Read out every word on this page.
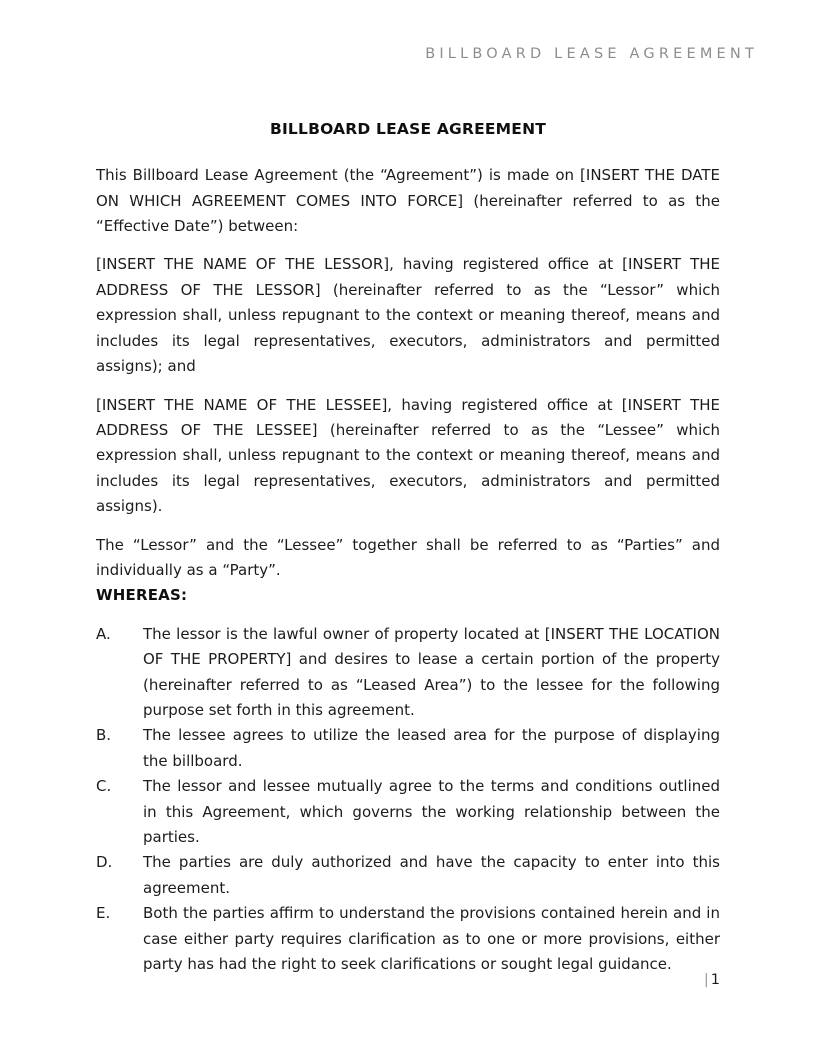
BILLBOARD LEASE AGREEMENT
BILLBOARD LEASE AGREEMENT

This Billboard Lease Agreement (the “Agreement”) is made on [INSERT THE DATE ON WHICH AGREEMENT COMES INTO FORCE] (hereinafter referred to as the “Effective Date”) between:

[INSERT THE NAME OF THE LESSOR], having registered office at [INSERT THE ADDRESS OF THE LESSOR] (hereinafter referred to as the “Lessor” which expression shall, unless repugnant to the context or meaning thereof, means and includes its legal representatives, executors, administrators and permitted assigns); and

[INSERT THE NAME OF THE LESSEE], having registered office at [INSERT THE ADDRESS OF THE LESSEE] (hereinafter referred to as the “Lessee” which expression shall, unless repugnant to the context or meaning thereof, means and includes its legal representatives, executors, administrators and permitted assigns).

The “Lessor” and the “Lessee” together shall be referred to as “Parties” and individually as a “Party”.

WHEREAS:
A.	The lessor is the lawful owner of property located at [INSERT THE LOCATION OF THE PROPERTY] and desires to lease a certain portion of the property (hereinafter referred to as “Leased Area”) to the lessee for the following purpose set forth in this agreement.
B.	The lessee agrees to utilize the leased area for the purpose of displaying the billboard.
C.	The lessor and lessee mutually agree to the terms and conditions outlined in this Agreement, which governs the working relationship between the parties.
D.	The parties are duly authorized and have the capacity to enter into this agreement.
E.	Both the parties affirm to understand the provisions contained herein and in case either party requires clarification as to one or more provisions, either party has had the right to seek clarifications or sought legal guidance.
| 1
